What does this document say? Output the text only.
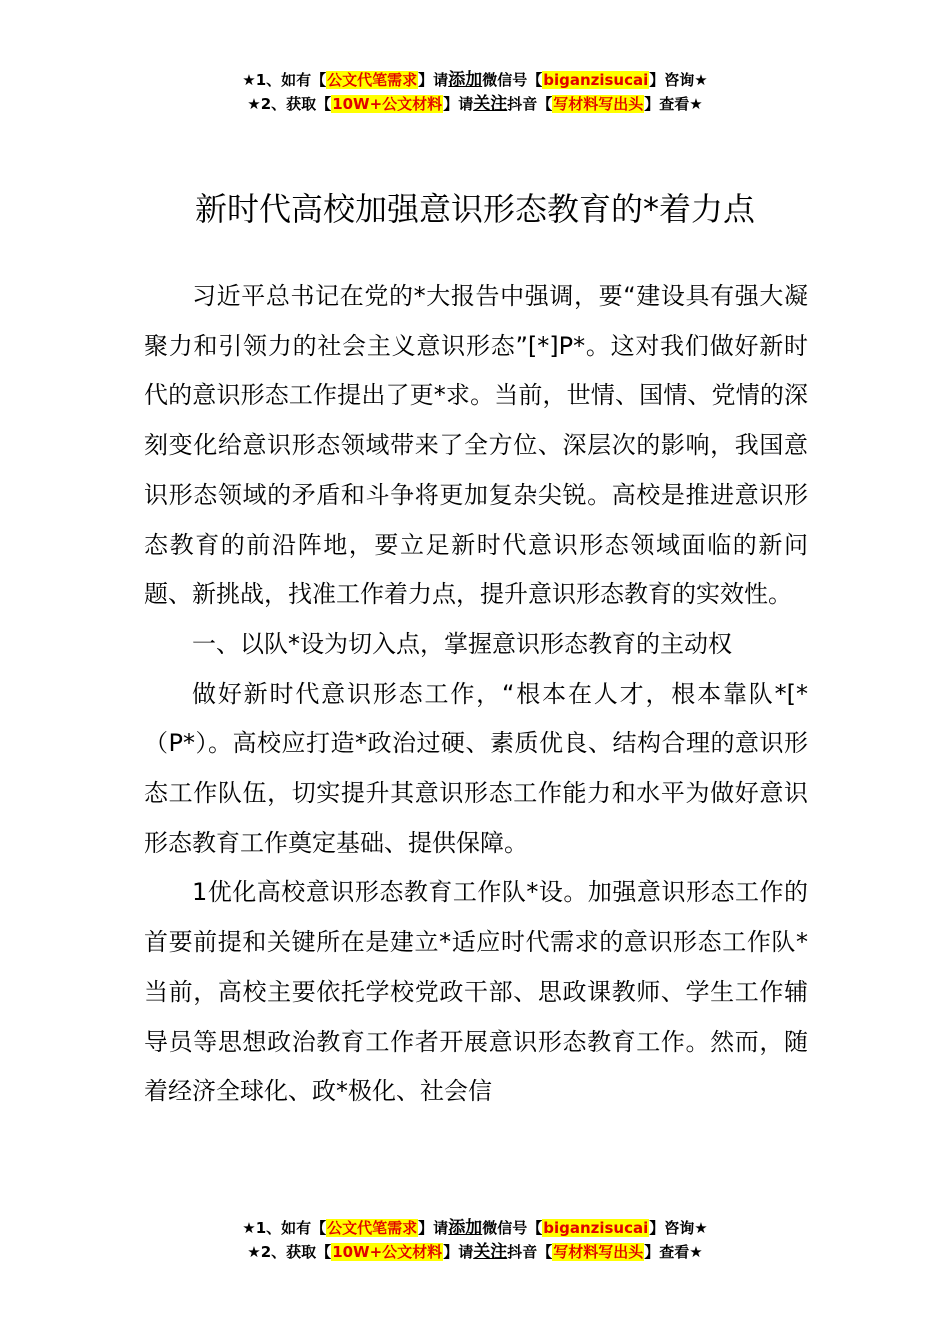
★1、如有【公文代笔需求】请添加微信号【biganzisucai】咨询★
★2、获取【10W+公文材料】请关注抖音【写材料写出头】查看★
新时代高校加强意识形态教育的*着力点

习近平总书记在党的*大报告中强调，要“建设具有强大凝聚力和引领力的社会主义意识形态”[*]P*。这对我们做好新时代的意识形态工作提出了更*求。当前，世情、国情、党情的深刻变化给意识形态领域带来了全方位、深层次的影响，我国意识形态领域的矛盾和斗争将更加复杂尖锐。高校是推进意识形态教育的前沿阵地，要立足新时代意识形态领域面临的新问题、新挑战，找准工作着力点，提升意识形态教育的实效性。

一、以队*设为切入点，掌握意识形态教育的主动权

做好新时代意识形态工作，“根本在人才，根本靠队*[*（P*）。高校应打造*政治过硬、素质优良、结构合理的意识形态工作队伍，切实提升其意识形态工作能力和水平为做好意识形态教育工作奠定基础、提供保障。

1优化高校意识形态教育工作队*设。加强意识形态工作的首要前提和关键所在是建立*适应时代需求的意识形态工作队*当前，高校主要依托学校党政干部、思政课教师、学生工作辅导员等思想政治教育工作者开展意识形态教育工作。然而，随着经济全球化、政*极化、社会信

★1、如有【公文代笔需求】请添加微信号【biganzisucai】咨询★
★2、获取【10W+公文材料】请关注抖音【写材料写出头】查看★
